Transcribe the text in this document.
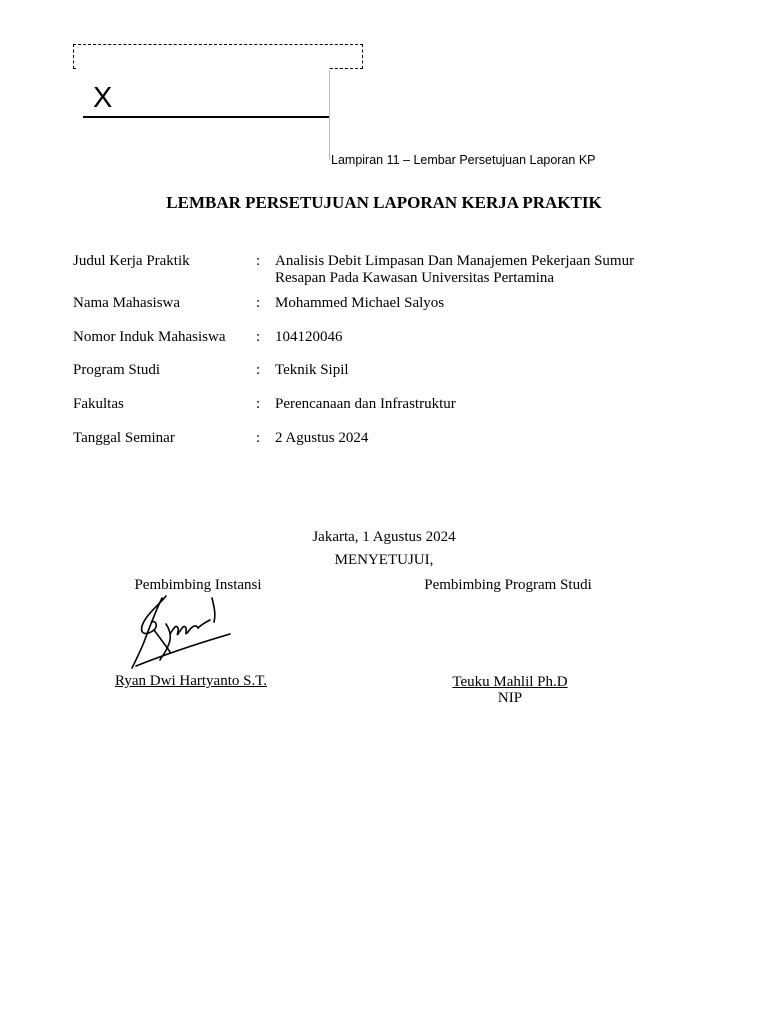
X
Lampiran 11 – Lembar Persetujuan Laporan KP
LEMBAR PERSETUJUAN LAPORAN KERJA PRAKTIK
Judul Kerja Praktik	: Analisis Debit Limpasan Dan Manajemen Pekerjaan Sumur
Resapan Pada Kawasan Universitas Pertamina
Nama Mahasiswa	: Mohammed Michael Salyos
Nomor Induk Mahasiswa : 104120046
Program Studi	: Teknik Sipil
Fakultas	: Perencanaan dan Infrastruktur
Tanggal Seminar	: 2 Agustus 2024
Jakarta, 1 Agustus 2024
MENYETUJUI,
Pembimbing Instansi	Pembimbing Program Studi
Ryan Dwi Hartyanto S.T.	Teuku Mahlil Ph.D
NIP
